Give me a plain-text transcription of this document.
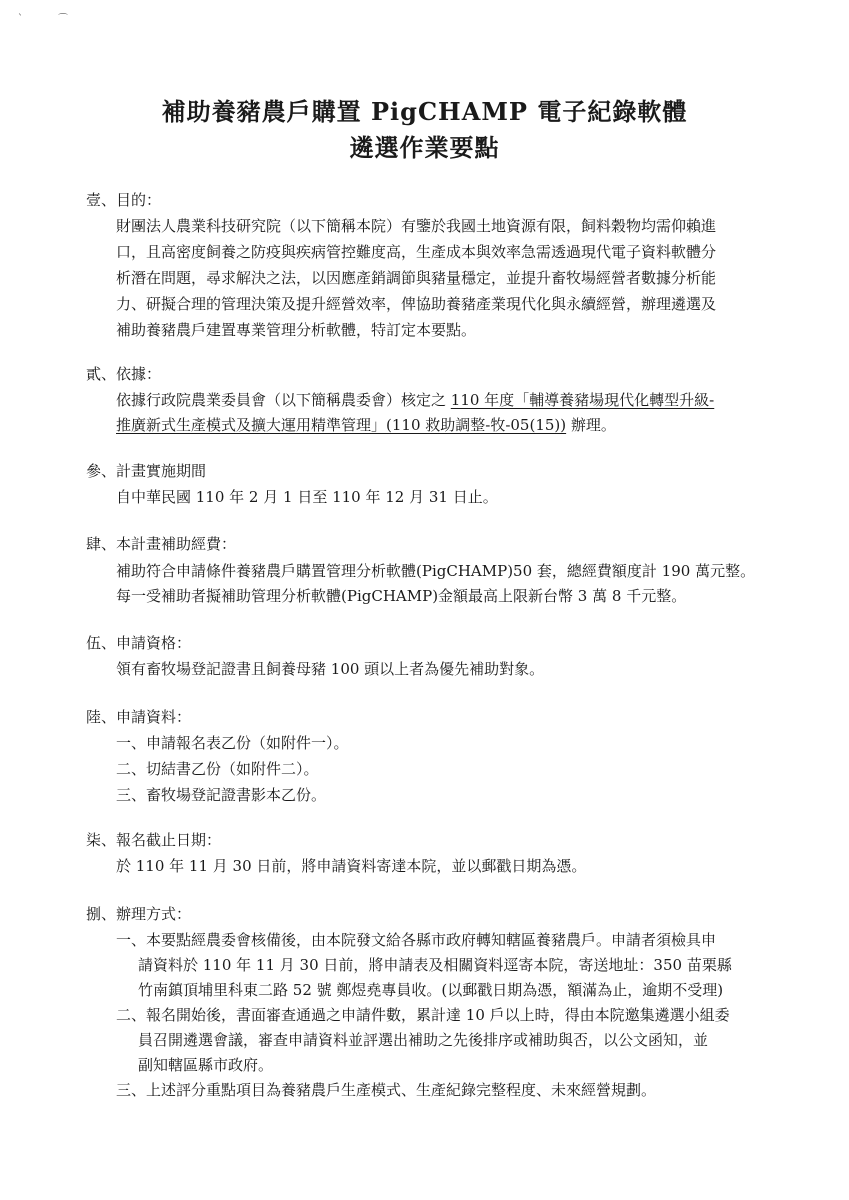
ˋ	⌒
補助養豬農戶購置 PigCHAMP 電子紀錄軟體
遴選作業要點
壹、目的：
財團法人農業科技研究院（以下簡稱本院）有鑒於我國土地資源有限，飼料穀物均需仰賴進
口，且高密度飼養之防疫與疾病管控難度高，生產成本與效率急需透過現代電子資料軟體分
析潛在問題，尋求解決之法，以因應產銷調節與豬量穩定，並提升畜牧場經營者數據分析能
力、研擬合理的管理決策及提升經營效率，俾協助養豬產業現代化與永續經營，辦理遴選及
補助養豬農戶建置專業管理分析軟體，特訂定本要點。
貳、依據：
依據行政院農業委員會（以下簡稱農委會）核定之 110 年度「輔導養豬場現代化轉型升級-
推廣新式生產模式及擴大運用精準管理」(110 救助調整-牧-05(15)) 辦理。
參、計畫實施期間
自中華民國 110 年 2 月 1 日至 110 年 12 月 31 日止。
肆、本計畫補助經費：
補助符合申請條件養豬農戶購置管理分析軟體(PigCHAMP)50 套，總經費額度計 190 萬元整。
每一受補助者擬補助管理分析軟體(PigCHAMP)金額最高上限新台幣 3 萬 8 千元整。
伍、申請資格：
領有畜牧場登記證書且飼養母豬 100 頭以上者為優先補助對象。
陸、申請資料：
一、申請報名表乙份（如附件一）。
二、切結書乙份（如附件二）。
三、畜牧場登記證書影本乙份。
柒、報名截止日期：
於 110 年 11 月 30 日前，將申請資料寄達本院，並以郵戳日期為憑。
捌、辦理方式：
一、本要點經農委會核備後，由本院發文給各縣市政府轉知轄區養豬農戶。申請者須檢具申
請資料於 110 年 11 月 30 日前，將申請表及相關資料逕寄本院，寄送地址：350 苗栗縣
竹南鎮頂埔里科東二路 52 號 鄭煜堯專員收。(以郵戳日期為憑，額滿為止，逾期不受理)
二、報名開始後，書面審查通過之申請件數，累計達 10 戶以上時，得由本院邀集遴選小組委
員召開遴選會議，審查申請資料並評選出補助之先後排序或補助與否，以公文函知，並
副知轄區縣市政府。
三、上述評分重點項目為養豬農戶生產模式、生產紀錄完整程度、未來經營規劃。
